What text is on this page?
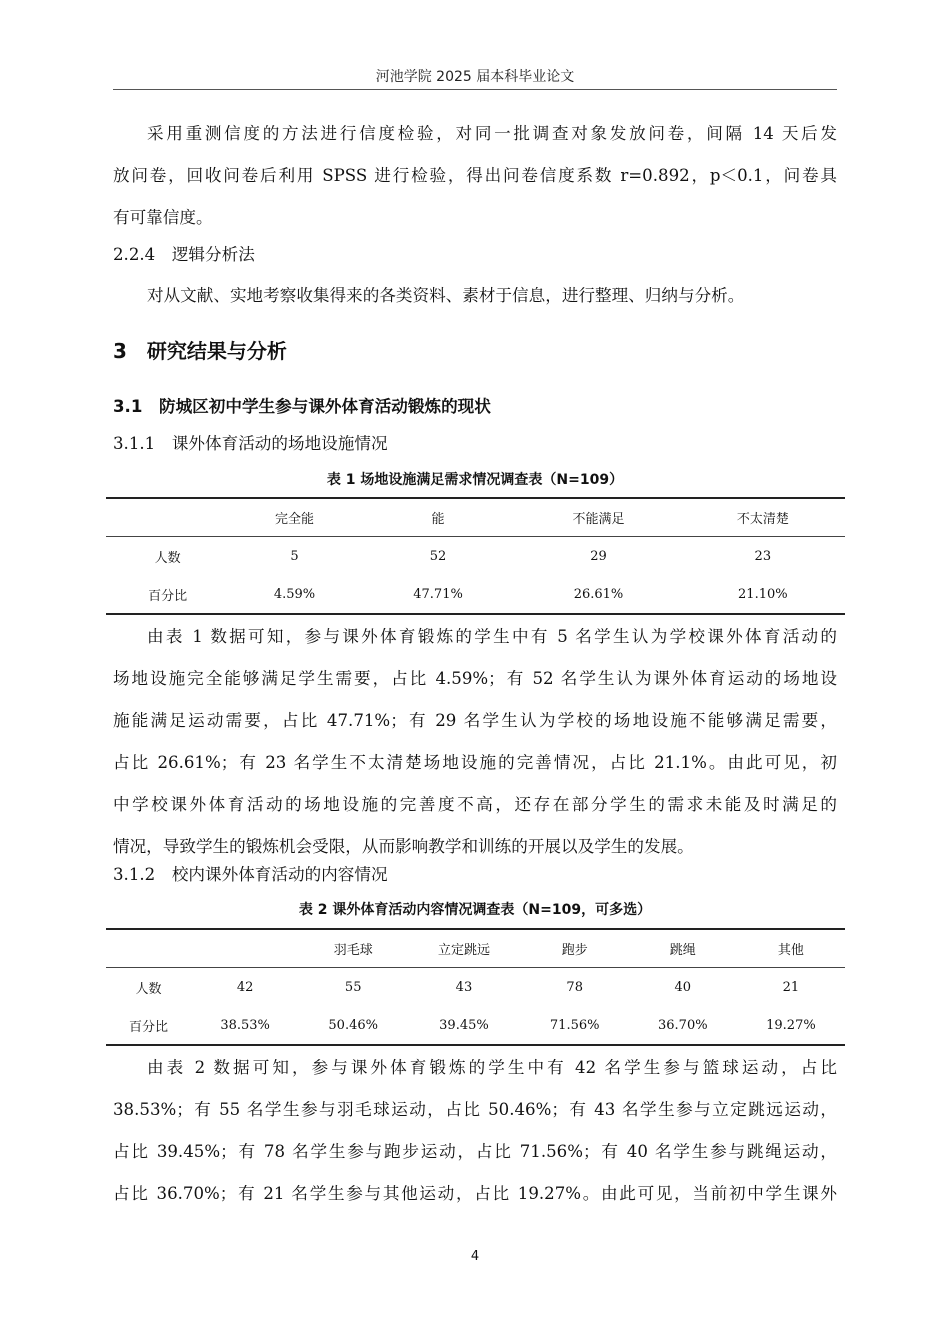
河池学院 2025 届本科毕业论文
采用重测信度的方法进行信度检验，对同一批调查对象发放问卷，间隔 14 天后发
放问卷，回收问卷后利用 SPSS 进行检验，得出问卷信度系数 r=0.892，p＜0.1，问卷具
有可靠信度。
2.2.4　逻辑分析法
对从文献、实地考察收集得来的各类资料、素材于信息，进行整理、归纳与分析。
3　研究结果与分析
3.1　防城区初中学生参与课外体育活动锻炼的现状
3.1.1　课外体育活动的场地设施情况
表 1 场地设施满足需求情况调查表（N=109）
	完全能	能	不能满足	不太清楚
人数	5	52	29	23
百分比	4.59%	47.71%	26.61%	21.10%
由表 1 数据可知，参与课外体育锻炼的学生中有 5 名学生认为学校课外体育活动的
场地设施完全能够满足学生需要，占比 4.59%；有 52 名学生认为课外体育运动的场地设
施能满足运动需要，占比 47.71%；有 29 名学生认为学校的场地设施不能够满足需要，
占比 26.61%；有 23 名学生不太清楚场地设施的完善情况，占比 21.1%。由此可见，初
中学校课外体育活动的场地设施的完善度不高，还存在部分学生的需求未能及时满足的
情况，导致学生的锻炼机会受限，从而影响教学和训练的开展以及学生的发展。
3.1.2　校内课外体育活动的内容情况
表 2 课外体育活动内容情况调查表（N=109，可多选）
		羽毛球	立定跳远	跑步	跳绳	其他
人数	42	55	43	78	40	21
百分比	38.53%	50.46%	39.45%	71.56%	36.70%	19.27%
由表 2 数据可知，参与课外体育锻炼的学生中有 42 名学生参与篮球运动，占比
38.53%；有 55 名学生参与羽毛球运动，占比 50.46%；有 43 名学生参与立定跳远运动，
占比 39.45%；有 78 名学生参与跑步运动，占比 71.56%；有 40 名学生参与跳绳运动，
占比 36.70%；有 21 名学生参与其他运动，占比 19.27%。由此可见，当前初中学生课外
4
